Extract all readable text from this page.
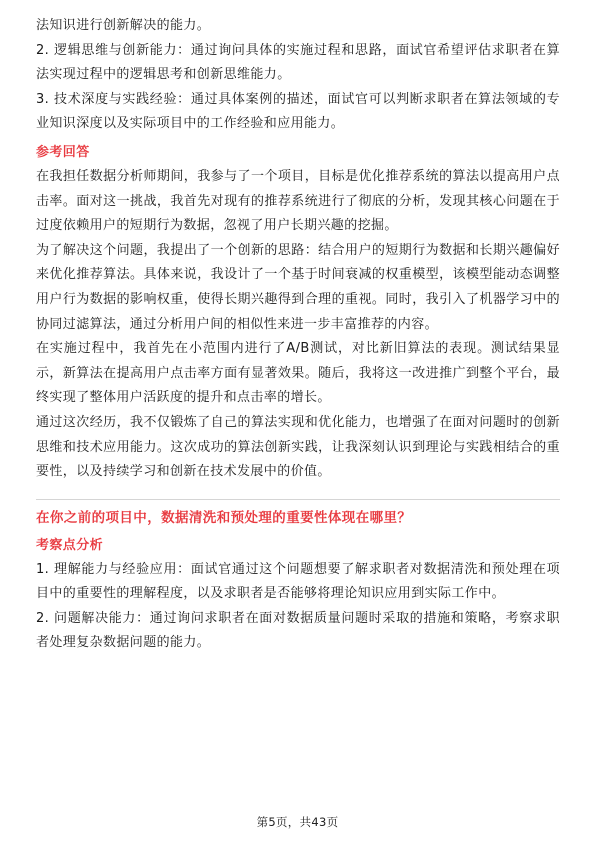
法知识进行创新解决的能力。

2. 逻辑思维与创新能力：通过询问具体的实施过程和思路，面试官希望评估求职者在算法实现过程中的逻辑思考和创新思维能力。

3. 技术深度与实践经验：通过具体案例的描述，面试官可以判断求职者在算法领域的专业知识深度以及实际项目中的工作经验和应用能力。

参考回答

在我担任数据分析师期间，我参与了一个项目，目标是优化推荐系统的算法以提高用户点击率。面对这一挑战，我首先对现有的推荐系统进行了彻底的分析，发现其核心问题在于过度依赖用户的短期行为数据，忽视了用户长期兴趣的挖掘。

为了解决这个问题，我提出了一个创新的思路：结合用户的短期行为数据和长期兴趣偏好来优化推荐算法。具体来说，我设计了一个基于时间衰减的权重模型，该模型能动态调整用户行为数据的影响权重，使得长期兴趣得到合理的重视。同时，我引入了机器学习中的协同过滤算法，通过分析用户间的相似性来进一步丰富推荐的内容。

在实施过程中，我首先在小范围内进行了A/B测试，对比新旧算法的表现。测试结果显示，新算法在提高用户点击率方面有显著效果。随后，我将这一改进推广到整个平台，最终实现了整体用户活跃度的提升和点击率的增长。

通过这次经历，我不仅锻炼了自己的算法实现和优化能力，也增强了在面对问题时的创新思维和技术应用能力。这次成功的算法创新实践，让我深刻认识到理论与实践相结合的重要性，以及持续学习和创新在技术发展中的价值。

在你之前的项目中，数据清洗和预处理的重要性体现在哪里？
考察点分析

1. 理解能力与经验应用：面试官通过这个问题想要了解求职者对数据清洗和预处理在项目中的重要性的理解程度，以及求职者是否能够将理论知识应用到实际工作中。

2. 问题解决能力：通过询问求职者在面对数据质量问题时采取的措施和策略，考察求职者处理复杂数据问题的能力。

第5页，共43页
